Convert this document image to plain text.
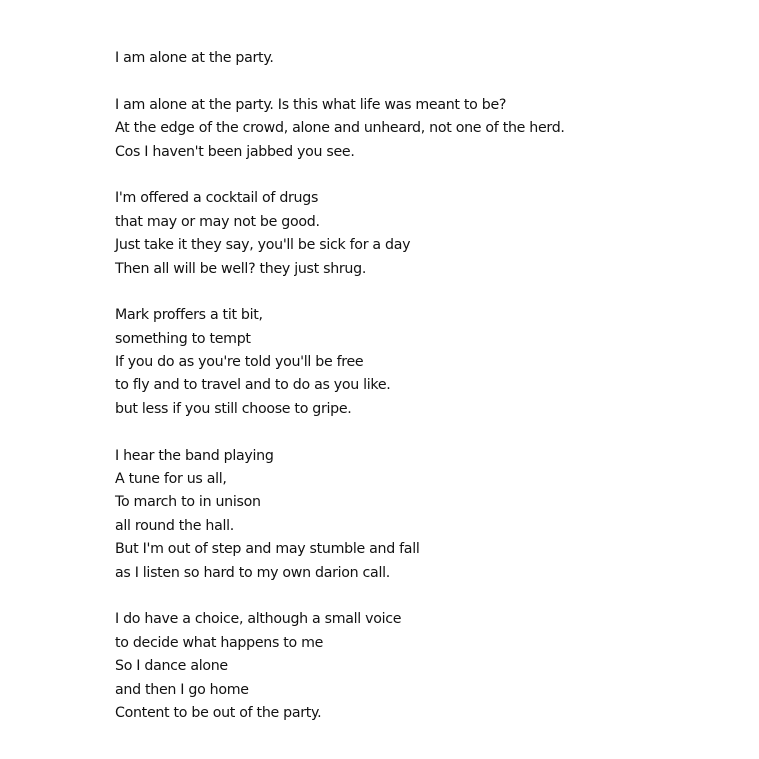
I am alone at the party.
I am alone at the party. Is this what life was meant to be?
At the edge of the crowd, alone and unheard, not one of the herd.
Cos I haven't been jabbed you see.
I'm offered a cocktail of drugs
that may or may not be good.
Just take it they say, you'll be sick for a day
Then all will be well? they just shrug.
Mark proffers a tit bit,
something to tempt
If you do as you're told you'll be free
to fly and to travel and to do as you like.
but less if you still choose to gripe.
I hear the band playing
A tune for us all,
To march to in unison
all round the hall.
But I'm out of step and may stumble and fall
as I listen so hard to my own darion call.
I do have a choice, although a small voice
to decide what happens to me
So I dance alone
and then I go home
Content to be out of the party.
